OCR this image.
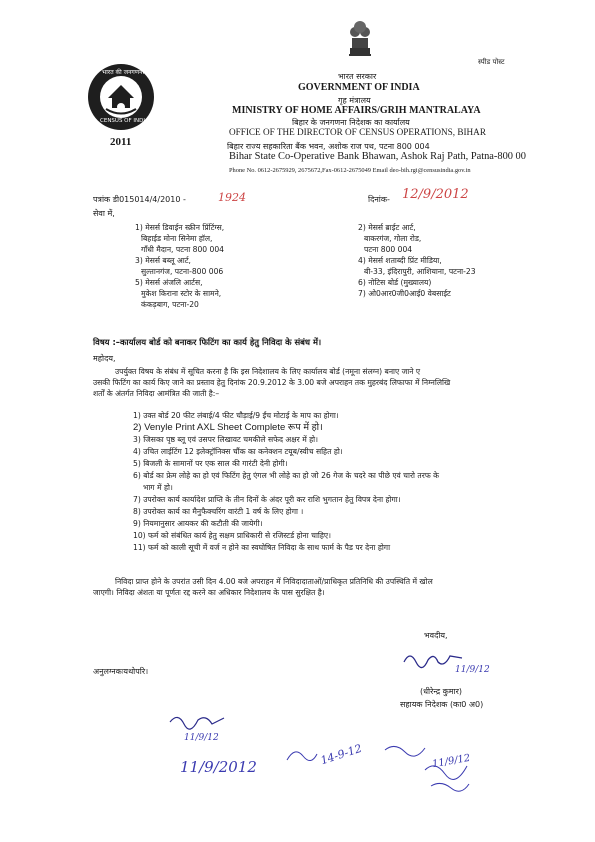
भारत की जनगणना
CENSUS OF INDIA
2011
स्पीड पोस्ट
भारत सरकार
GOVERNMENT OF INDIA
गृह मंत्रालय
MINISTRY OF HOME AFFAIRS/GRIH MANTRALAYA
बिहार के जनगणना निदेशक का कार्यालय
OFFICE OF THE DIRECTOR OF CENSUS OPERATIONS, BIHAR
बिहार राज्य सहकारिता बैंक भवन, अशोक राज पथ, पटना 800 004
Bihar State Co-Operative Bank Bhawan, Ashok Raj Path, Patna-800 00
Phone No. 0612-2675929, 2675672,Fax-0612-2675049 Email deo-bih.rgi@censusindia.gov.in
पत्रांक डी015014/4/2010 -	1924	दिनांक- 12/9/2012
सेवा में,
1) मेसर्स डिवाईन स्क्रीन प्रिंटिंग्स,
बिहाईड मोना सिनेमा हॉल,
गाँधी मैदान, पटना 800 004
3) मेसर्स बब्लू आर्ट,
सुल्तानगंज, पटना-800 006
5) मेसर्स अंजलि आर्टस,
मुकेश किराना स्टोर के सामने,
कंकड़बाग, पटना-20
2) मेसर्स ब्राईट आर्ट,
बाकरगंज, गोला रोड,
पटना 800 004
4) मेसर्स शताब्दी प्रिंट मीडिया,
बी-33, इंदिरापुरी, आशियाना, पटना-23
6) नोटिस बोर्ड (मुख्यालय)
7) ओ0आर0जी0आई0 वेबसाईट
विषय :–कार्यालय बोर्ड को बनाकर फिटिंग का कार्य हेतु निविदा के संबंध में।
महोदय,
उपर्युक्त विषय के संबंध में सूचित करना है कि इस निदेशालय के लिए कार्यालय बोर्ड (नमूना संलग्न) बनाए जाने ए
उसकी फिटिंग का कार्य किए जाने का प्रस्ताव हेतु दिनांक 20.9.2012 के 3.00 बजे अपराहन तक मुहरबंद लिफाफा में निम्नलिखि
शर्तों के अंतर्गत निविदा आमंत्रित की जाती है:–
1) उक्त बोर्ड 20 फीट लंबाई/4 फीट चौड़ाई/9 ईंच मोटाई के माप का होगा।
2) Venyle Print AXL Sheet Complete रूप में हो।
3) जिसका पृष्ठ ब्लू एवं उसपर लिखावट चमकीले सफेद अक्षर में हो।
4) उचित लाईटिंग 12 इलेक्ट्रॉनिक्स चौंक का कनेक्शन टयूब/स्वीच सहित हो।
5) बिजली के सामानों पर एक साल की गारंटी देनी होगी।
6) बोर्ड का फ्रेम लोहे का हो एवं फिटिंग हेतु एंगल भी लोहे का हो जो 26 गेज के चदरे का पीछे एवं चारो तरफ के
भाग में हो।
7) उपरोक्त कार्य कार्यादेश प्राप्ति के तीन दिनों के अंदर पूरी कर राशि भुगतान हेतु विपत्र देना होगा।
8) उपरोक्त कार्य का मैनुफैक्चरिंग वारंटी 1 वर्ष के लिए होगा ।
9) नियमानुसार आयकर की कटौती की जायेगी।
10) फर्म को संबंधित कार्य हेतु सक्षम प्राधिकारी से रजिस्टर्ड होना चाहिए।
11) फर्म को काली सूची में वर्ज न होने का स्वघोषित निविदा के साथ फार्म के पैड पर देना होगा
निविदा प्राप्त होने के उपरांत उसी दिन 4.00 बजे अपराहन में निविदादाताओं/प्राधिकृत प्रतिनिधि की उपस्थिति में खोल
जाएगी। निविदा अंशतः या पूर्णतः रद्द करने का अधिकार निदेशालय के पास सुरक्षित है।
भवदीय,
अनुलग्नकःयथोपरि।	11/9/12
(धीरेन्द्र कुमार)
सहायक निदेशक (का0 अ0)
11/9/12
11/9/2012	14-9-12	11/9/12
